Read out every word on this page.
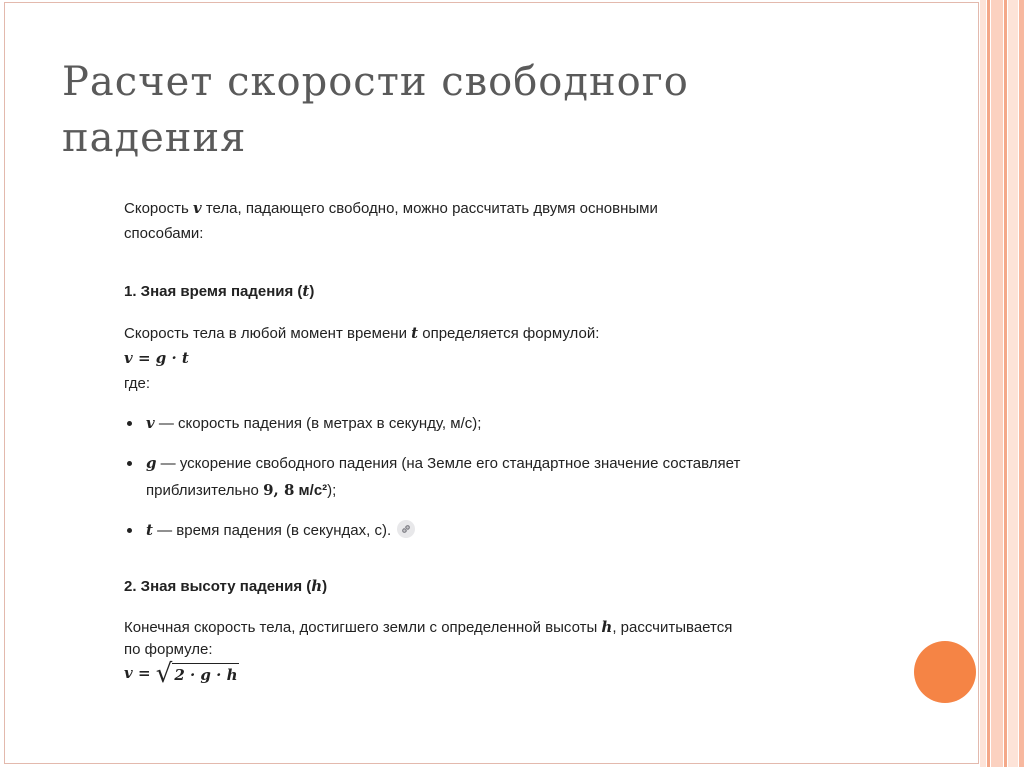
Расчет скорости свободного
падения

Скорость v тела, падающего свободно, можно рассчитать двумя основными
способами:

1. Зная время падения (t)

Скорость тела в любой момент времени t определяется формулой:

v = g · t

где:

v — скорость падения (в метрах в секунду, м/с);
g — ускорение свободного падения (на Земле его стандартное значение составляет
приблизительно 9, 8 м/с²);
t — время падения (в секундах, с).

2. Зная высоту падения (h)

Конечная скорость тела, достигшего земли с определенной высоты h, рассчитывается
по формуле:

v = √ 2 · g · h
